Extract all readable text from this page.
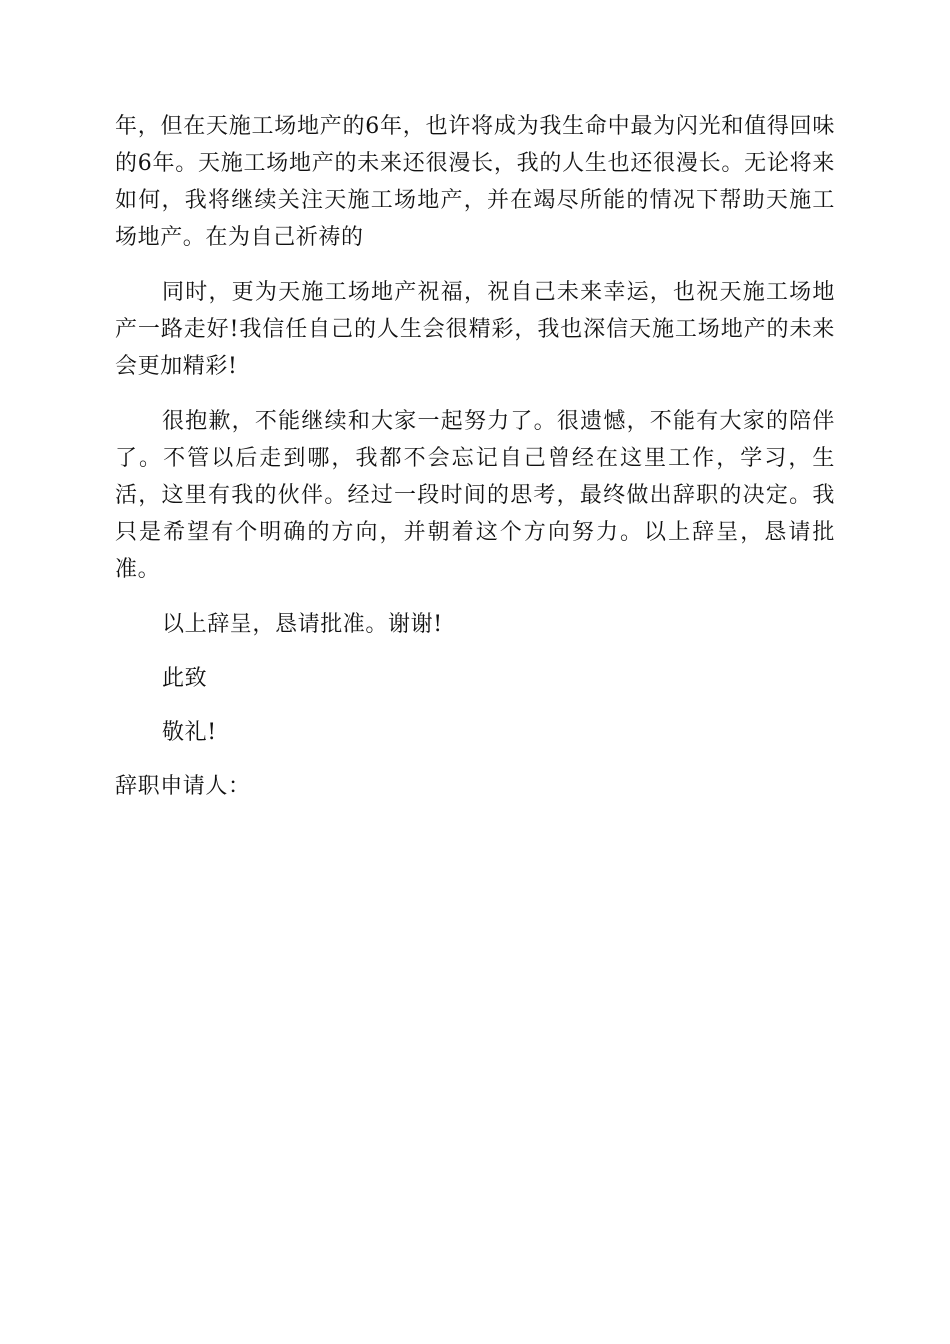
年，但在天施工场地产的6年，也许将成为我生命中最为闪光和值得回味的6年。天施工场地产的未来还很漫长，我的人生也还很漫长。无论将来如何，我将继续关注天施工场地产，并在竭尽所能的情况下帮助天施工场地产。在为自己祈祷的

同时，更为天施工场地产祝福，祝自己未来幸运，也祝天施工场地产一路走好!我信任自己的人生会很精彩，我也深信天施工场地产的未来会更加精彩!

很抱歉，不能继续和大家一起努力了。很遗憾，不能有大家的陪伴了。不管以后走到哪，我都不会忘记自己曾经在这里工作，学习，生活，这里有我的伙伴。经过一段时间的思考，最终做出辞职的决定。我只是希望有个明确的方向，并朝着这个方向努力。以上辞呈，恳请批准。

以上辞呈，恳请批准。谢谢!

此致

敬礼!

辞职申请人：
